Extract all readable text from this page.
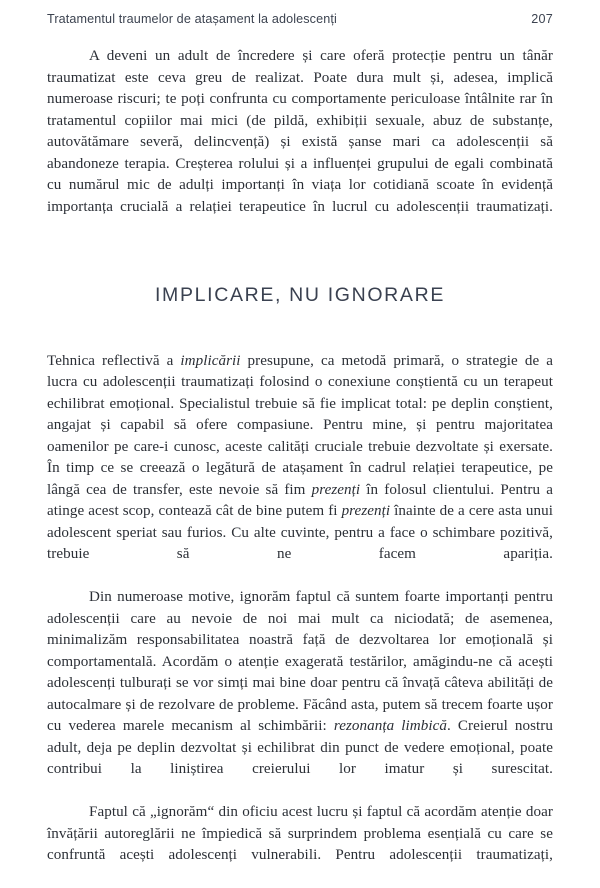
Tratamentul traumelor de atașament la adolescenți	207

A deveni un adult de încredere și care oferă protecție pentru un tânăr traumatizat este ceva greu de realizat. Poate dura mult și, adesea, implică numeroase riscuri; te poți confrunta cu comportamente periculoase întâlnite rar în tratamentul copiilor mai mici (de pildă, exhibiții sexuale, abuz de substanțe, autovătămare severă, delincvență) și există șanse mari ca adolescenții să abandoneze terapia. Creșterea rolului și a influenței grupului de egali combinată cu numărul mic de adulți importanți în viața lor cotidiană scoate în evidență importanța crucială a relației terapeutice în lucrul cu adolescenții traumatizați.

IMPLICARE, NU IGNORARE

Tehnica reflectivă a implicării presupune, ca metodă primară, o strategie de a lucra cu adolescenții traumatizați folosind o conexiune conștientă cu un terapeut echilibrat emoțional. Specialistul trebuie să fie implicat total: pe deplin conștient, angajat și capabil să ofere compasiune. Pentru mine, și pentru majoritatea oamenilor pe care-i cunosc, aceste calități cruciale trebuie dezvoltate și exersate. În timp ce se creează o legătură de atașament în cadrul relației terapeutice, pe lângă cea de transfer, este nevoie să fim prezenți în folosul clientului. Pentru a atinge acest scop, contează cât de bine putem fi prezenți înainte de a cere asta unui adolescent speriat sau furios. Cu alte cuvinte, pentru a face o schimbare pozitivă, trebuie să ne facem apariția.

Din numeroase motive, ignorăm faptul că suntem foarte importanți pentru adolescenții care au nevoie de noi mai mult ca niciodată; de asemenea, minimalizăm responsabilitatea noastră față de dezvoltarea lor emoțională și comportamentală. Acordăm o atenție exagerată testărilor, amăgindu-ne că acești adolescenți tulburați se vor simți mai bine doar pentru că învață câteva abilități de autocalmare și de rezolvare de probleme. Făcând asta, putem să trecem foarte ușor cu vederea marele mecanism al schimbării: rezonanța limbică. Creierul nostru adult, deja pe deplin dezvoltat și echilibrat din punct de vedere emoțional, poate contribui la liniștirea creierului lor imatur și surescitat.

Faptul că „ignorăm“ din oficiu acest lucru și faptul că acordăm atenție doar învățării autoreglării ne împiedică să surprindem problema esențială cu care se confruntă acești adolescenți vulnerabili. Pentru adolescenții traumatizați,
